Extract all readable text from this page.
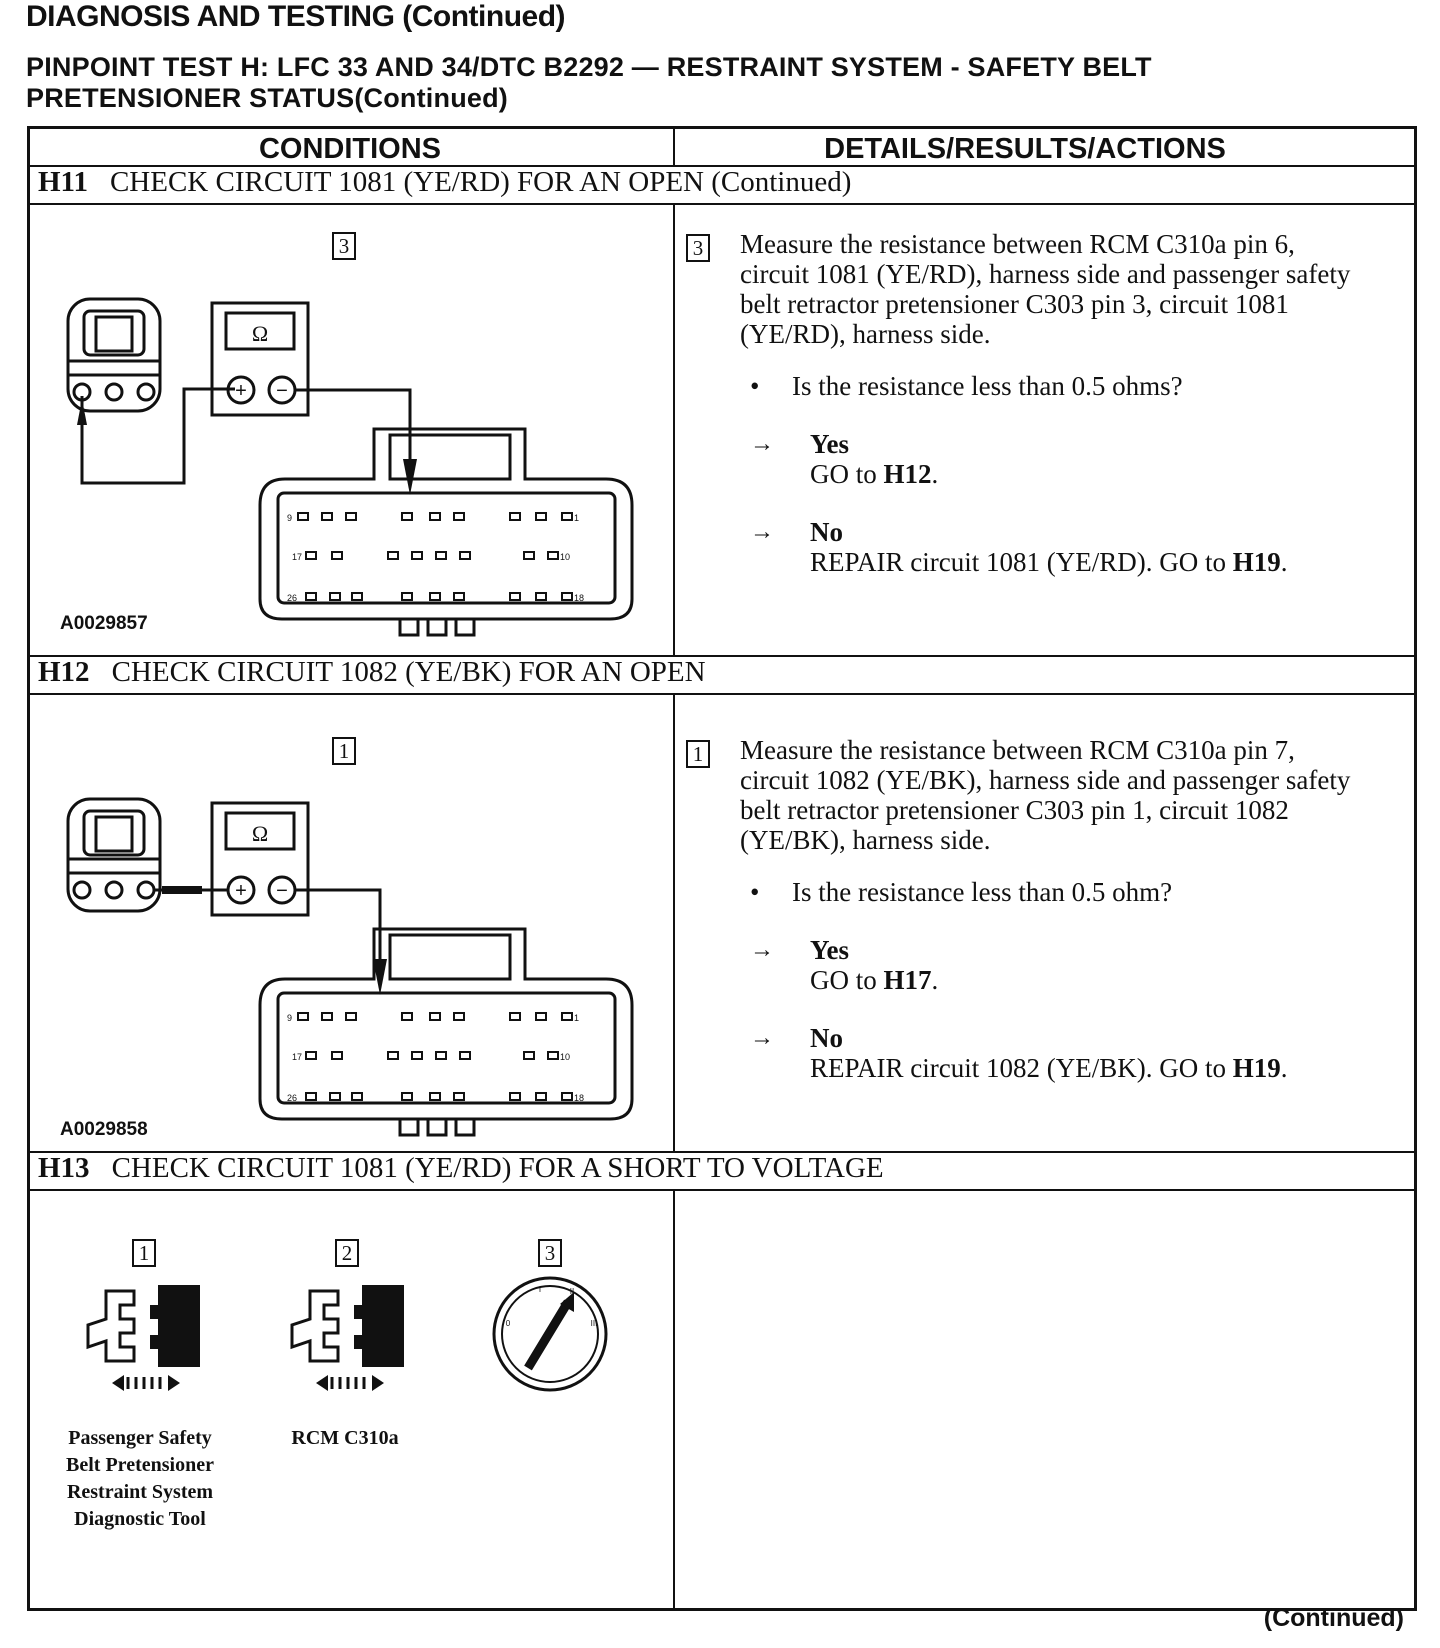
DIAGNOSIS AND TESTING (Continued)
PINPOINT TEST H: LFC 33 AND 34/DTC B2292 — RESTRAINT SYSTEM - SAFETY BELT
PRETENSIONER STATUS(Continued)
CONDITIONS	DETAILS/RESULTS/ACTIONS
H11 CHECK CIRCUIT 1081 (YE/RD) FOR AN OPEN (Continued)
3
Ω
+ −
9	1
17	10
26	18
A0029857
3 Measure the resistance between RCM C310a pin 6, circuit 1081 (YE/RD), harness side and passenger safety belt retractor pretensioner C303 pin 3, circuit 1081 (YE/RD), harness side.
• Is the resistance less than 0.5 ohms?
→ Yes
GO to H12.
→ No
REPAIR circuit 1081 (YE/RD). GO to H19.
H12 CHECK CIRCUIT 1082 (YE/BK) FOR AN OPEN
1
Ω
+ −
9	1
17	10
26	18
A0029858
1 Measure the resistance between RCM C310a pin 7, circuit 1082 (YE/BK), harness side and passenger safety belt retractor pretensioner C303 pin 1, circuit 1082 (YE/BK), harness side.
• Is the resistance less than 0.5 ohm?
→ Yes
GO to H17.
→ No
REPAIR circuit 1082 (YE/BK). GO to H19.
H13 CHECK CIRCUIT 1081 (YE/RD) FOR A SHORT TO VOLTAGE
1	2	3
0
I	II
III
Passenger Safety
Belt Pretensioner
Restraint System
Diagnostic Tool
RCM C310a
(Continued)
